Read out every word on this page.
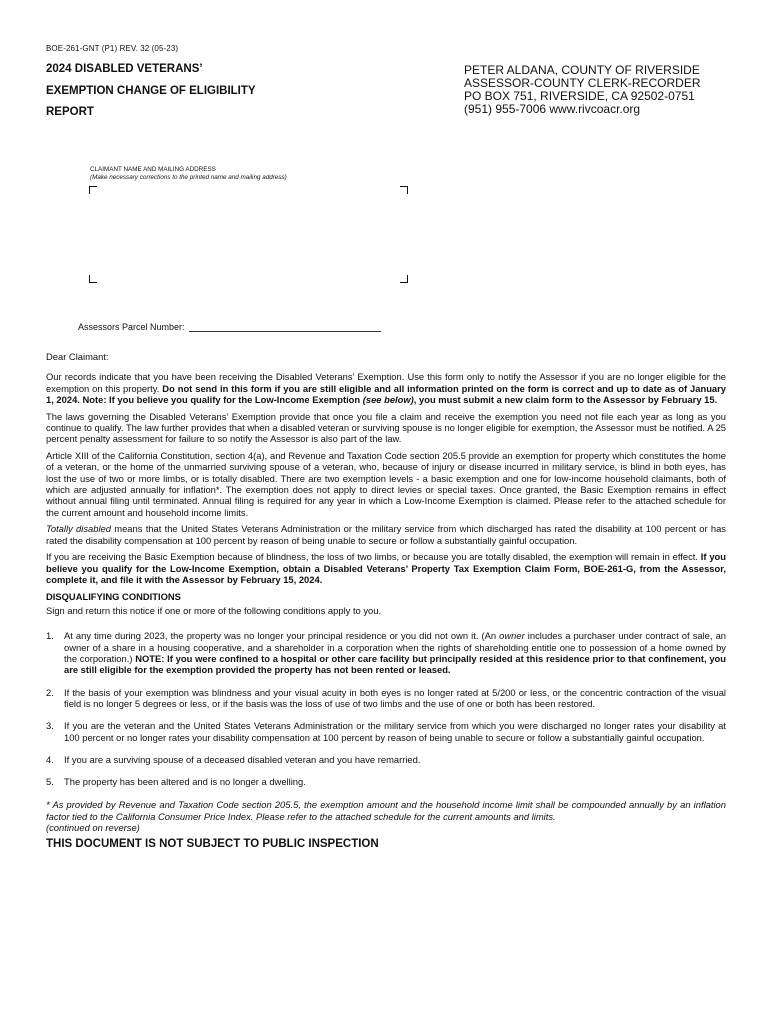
BOE-261-GNT (P1) REV. 32 (05-23)
2024 DISABLED VETERANS’
EXEMPTION CHANGE OF ELIGIBILITY
REPORT
PETER ALDANA, COUNTY OF RIVERSIDE
ASSESSOR-COUNTY CLERK-RECORDER
PO BOX 751, RIVERSIDE, CA 92502-0751
(951) 955-7006 www.rivcoacr.org
CLAIMANT NAME AND MAILING ADDRESS
(Make necessary corrections to the printed name and mailing address)
Assessors Parcel Number:

Dear Claimant:

Our records indicate that you have been receiving the Disabled Veterans’ Exemption. Use this form only to notify the Assessor if you are no longer eligible for the exemption on this property. Do not send in this form if you are still eligible and all information printed on the form is correct and up to date as of January 1, 2024. Note: If you believe you qualify for the Low-Income Exemption (see below), you must submit a new claim form to the Assessor by February 15.

The laws governing the Disabled Veterans’ Exemption provide that once you file a claim and receive the exemption you need not file each year as long as you continue to qualify. The law further provides that when a disabled veteran or surviving spouse is no longer eligible for exemption, the Assessor must be notified. A 25 percent penalty assessment for failure to so notify the Assessor is also part of the law.

Article XIII of the California Constitution, section 4(a), and Revenue and Taxation Code section 205.5 provide an exemption for property which constitutes the home of a veteran, or the home of the unmarried surviving spouse of a veteran, who, because of injury or disease incurred in military service, is blind in both eyes, has lost the use of two or more limbs, or is totally disabled. There are two exemption levels - a basic exemption and one for low-income household claimants, both of which are adjusted annually for inflation*. The exemption does not apply to direct levies or special taxes. Once granted, the Basic Exemption remains in effect without annual filing until terminated. Annual filing is required for any year in which a Low-Income Exemption is claimed. Please refer to the attached schedule for the current amount and household income limits.

Totally disabled means that the United States Veterans Administration or the military service from which discharged has rated the disability at 100 percent or has rated the disability compensation at 100 percent by reason of being unable to secure or follow a substantially gainful occupation.

If you are receiving the Basic Exemption because of blindness, the loss of two limbs, or because you are totally disabled, the exemption will remain in effect. If you believe you qualify for the Low-Income Exemption, obtain a Disabled Veterans’ Property Tax Exemption Claim Form, BOE-261-G, from the Assessor, complete it, and file it with the Assessor by February 15, 2024.

DISQUALIFYING CONDITIONS

Sign and return this notice if one or more of the following conditions apply to you.

1.	At any time during 2023, the property was no longer your principal residence or you did not own it. (An owner includes a purchaser under contract of sale, an owner of a share in a housing cooperative, and a shareholder in a corporation when the rights of shareholding entitle one to possession of a home owned by the corporation.) NOTE: If you were confined to a hospital or other care facility but principally resided at this residence prior to that confinement, you are still eligible for the exemption provided the property has not been rented or leased.
2.	If the basis of your exemption was blindness and your visual acuity in both eyes is no longer rated at 5/200 or less, or the concentric contraction of the visual field is no longer 5 degrees or less, or if the basis was the loss of use of two limbs and the use of one or both has been restored.
3.	If you are the veteran and the United States Veterans Administration or the military service from which you were discharged no longer rates your disability at 100 percent or no longer rates your disability compensation at 100 percent by reason of being unable to secure or follow a substantially gainful occupation.
4.	If you are a surviving spouse of a deceased disabled veteran and you have remarried.
5.	The property has been altered and is no longer a dwelling.

* As provided by Revenue and Taxation Code section 205.5, the exemption amount and the household income limit shall be compounded annually by an inflation factor tied to the California Consumer Price Index. Please refer to the attached schedule for the current amounts and limits.

(continued on reverse)

THIS DOCUMENT IS NOT SUBJECT TO PUBLIC INSPECTION
